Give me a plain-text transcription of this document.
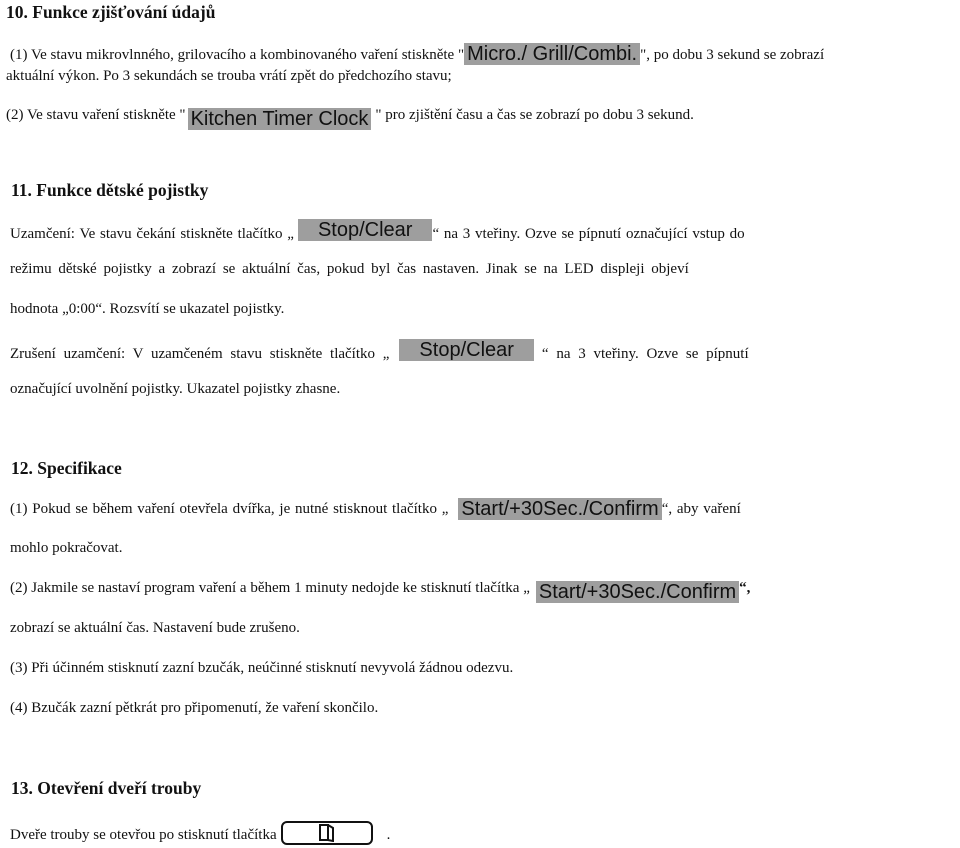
10. Funkce zjišťování údajů
(1) Ve stavu mikrovlnného, grilovacího a kombinovaného vaření stiskněte " Micro./ Grill/Combi. ", po dobu 3 sekund se zobrazí
aktuální výkon. Po 3 sekundách se trouba vrátí zpět do předchozího stavu;
(2) Ve stavu vaření stiskněte " Kitchen Timer Clock " pro zjištění času a čas se zobrazí po dobu 3 sekund.
11. Funkce dětské pojistky
Uzamčení: Ve stavu čekání stiskněte tlačítko „ Stop/Clear “ na 3 vteřiny. Ozve se pípnutí označující vstup do
režimu dětské pojistky a zobrazí se aktuální čas, pokud byl čas nastaven. Jinak se na LED displeji objeví
hodnota „0:00“. Rozsvítí se ukazatel pojistky.
Zrušení uzamčení: V uzamčeném stavu stiskněte tlačítko „ Stop/Clear “ na 3 vteřiny. Ozve se pípnutí
označující uvolnění pojistky. Ukazatel pojistky zhasne.
12. Specifikace
(1) Pokud se během vaření otevřela dvířka, je nutné stisknout tlačítko „ Start/+30Sec./Confirm “, aby vaření
mohlo pokračovat.
(2) Jakmile se nastaví program vaření a během 1 minuty nedojde ke stisknutí tlačítka „ Start/+30Sec./Confirm “,
zobrazí se aktuální čas. Nastavení bude zrušeno.
(3) Při účinném stisknutí zazní bzučák, neúčinné stisknutí nevyvolá žádnou odezvu.
(4) Bzučák zazní pětkrát pro připomenutí, že vaření skončilo.
13. Otevření dveří trouby
Dveře trouby se otevřou po stisknutí tlačítka	.
